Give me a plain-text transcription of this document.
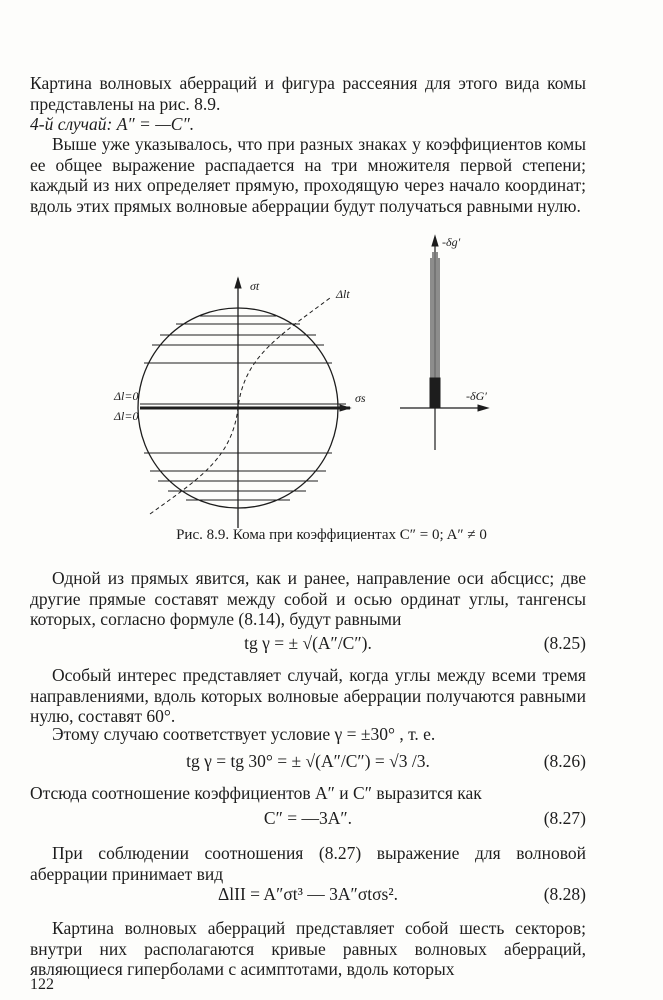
Картина волновых аберраций и фигура рассеяния для этого вида комы представлены на рис. 8.9.

4-й случай: A″ = —C″.

Выше уже указывалось, что при разных знаках у коэффициентов комы ее общее выражение распадается на три множителя первой степени; каждый из них определяет прямую, проходящую через начало координат; вдоль этих прямых волновые аберрации будут получаться равными нулю.

σt
σs
Δlt
Δl=0
Δl=0
-δg′
-δG′
Рис. 8.9. Кома при коэффициентах C″ = 0; A″ ≠ 0

Одной из прямых явится, как и ранее, направление оси абсцисс; две другие прямые составят между собой и осью ординат углы, тангенсы которых, согласно формуле (8.14), будут равными

tg γ = ± √(A″/C″).	(8.25)

Особый интерес представляет случай, когда углы между всеми тремя направлениями, вдоль которых волновые аберрации получаются равными нулю, составят 60°.

Этому случаю соответствует условие γ = ±30° , т. е.

tg γ = tg 30° = ± √(A″/C″) = √3 /3.	(8.26)

Отсюда соотношение коэффициентов A″ и C″ выразится как

C″ = —3A″.	(8.27)

При соблюдении соотношения (8.27) выражение для волновой аберрации принимает вид

ΔlII = A″σt³ — 3A″σtσs².	(8.28)

Картина волновых аберраций представляет собой шесть секторов; внутри них располагаются кривые равных волновых аберраций, являющиеся гиперболами с асимптотами, вдоль которых

122
